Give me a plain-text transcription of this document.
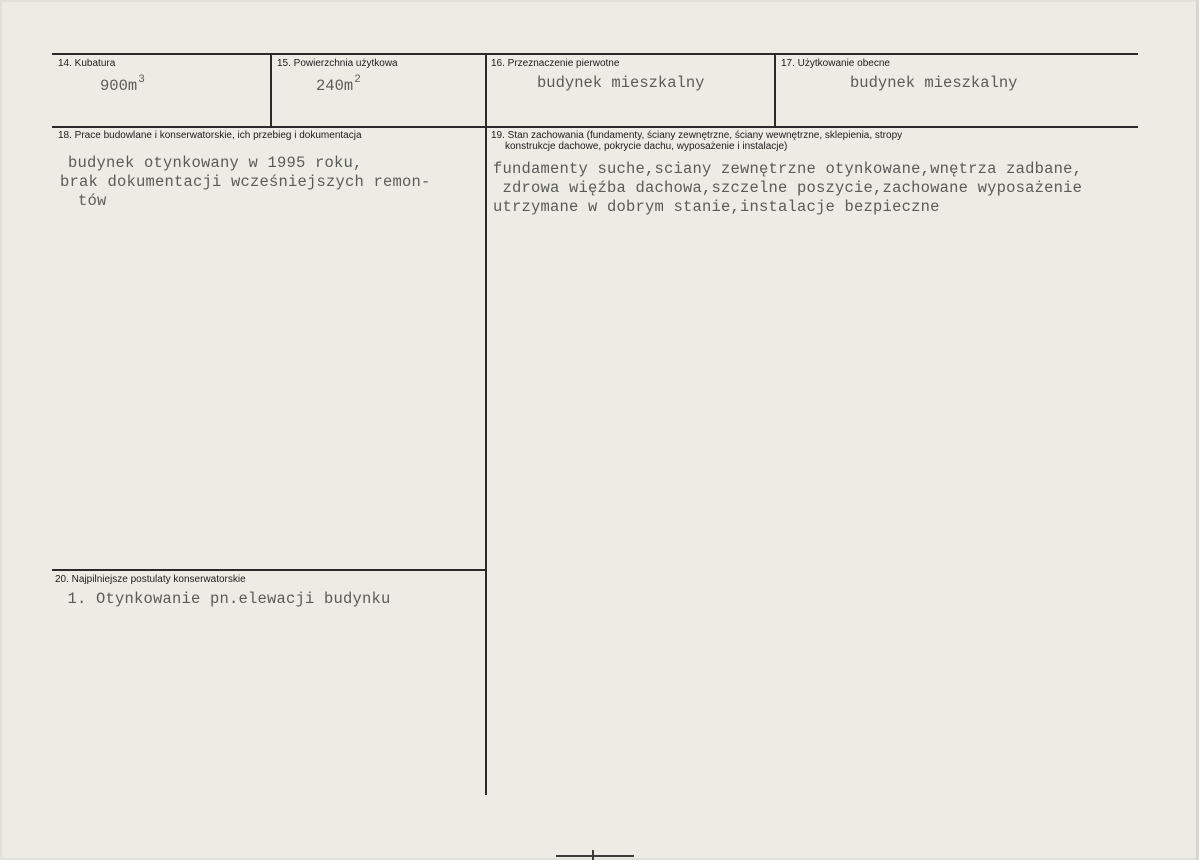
14. Kubatura
$900m^3$
15. Powierzchnia użytkowa
$240m^2$
16. Przeznaczenie pierwotne
budynek mieszkalny
17. Użytkowanie obecne
budynek mieszkalny
18. Prace budowlane i konserwatorskie, ich przebieg i dokumentacja
budynek otynkowany w 1995 roku,
brak dokumentacji wcześniejszych remon-
tów
19. Stan zachowania (fundamenty, ściany zewnętrzne, ściany wewnętrzne, sklepienia, stropy
konstrukcje dachowe, pokrycie dachu, wyposażenie i instalacje)
fundamenty suche,sciany zewnętrzne otynkowane,wnętrza zadbane,
zdrowa więźba dachowa,szczelne poszycie,zachowane wyposażenie
utrzymane w dobrym stanie,instalacje bezpieczne
20. Najpilniejsze postulaty konserwatorskie
1. Otynkowanie pn.elewacji budynku
